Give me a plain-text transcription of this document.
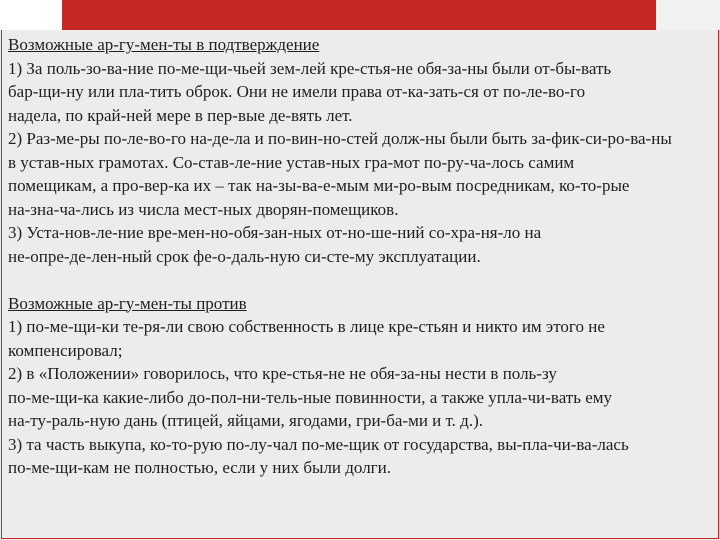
Возможные ар-гу-мен-ты в подтверждение
1) За поль-зо-ва-ние по-ме-щи-чьей зем-лей кре-стья-не обя-за-ны были от-бы-вать
бар-щи-ну или пла-тить оброк. Они не имели права от-ка-зать-ся от по-ле-во-го
надела, по край-ней мере в пер-вые де-вять лет.
2) Раз-ме-ры по-ле-во-го на-де-ла и по-вин-но-стей долж-ны были быть за-фик-си-ро-ва-ны
в устав-ных грамотах. Со-став-ле-ние устав-ных гра-мот по-ру-ча-лось самим
помещикам, а про-вер-ка их – так на-зы-ва-е-мым ми-ро-вым посредникам, ко-то-рые
на-зна-ча-лись из числа мест-ных дворян-помещиков.
3) Уста-нов-ле-ние вре-мен-но-обя-зан-ных от-но-ше-ний со-хра-ня-ло на
не-опре-де-лен-ный срок фе-о-даль-ную си-сте-му эксплуатации.
Возможные ар-гу-мен-ты против
1) по-ме-щи-ки те-ря-ли свою собственность в лице кре-стьян и никто им этого не
компенсировал;
2) в «Положении» говорилось, что кре-стья-не не обя-за-ны нести в поль-зу
по-ме-щи-ка какие-либо до-пол-ни-тель-ные повинности, а также упла-чи-вать ему
на-ту-раль-ную дань (птицей, яйцами, ягодами, гри-ба-ми и т. д.).
3) та часть выкупа, ко-то-рую по-лу-чал по-ме-щик от государства, вы-пла-чи-ва-лась
по-ме-щи-кам не полностью, если у них были долги.
